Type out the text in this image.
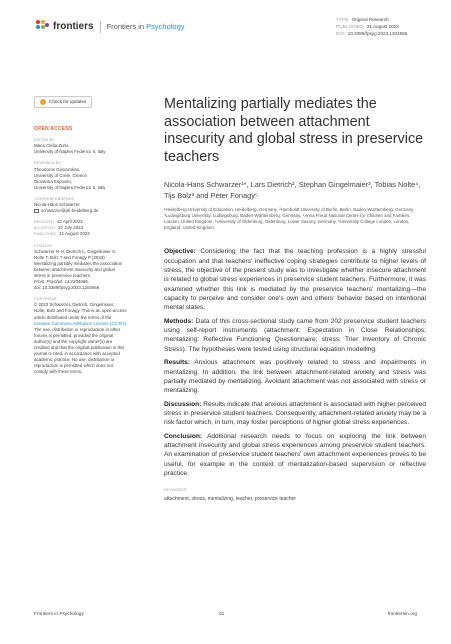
frontiers Frontiers in Psychology
TYPE Original Research
PUBLISHED 21 August 2023
DOI 10.3389/fpsyg.2023.1204666
Check for updates
OPEN ACCESS
EDITED BY
Maria Clelia Zurlo,
University of Naples Federico II, Italy
REVIEWED BY
Theodoros Giovazolias,
University of Crete, Greece
Giovanna Esposito,
University of Naples Federico II, Italy
*CORRESPONDENCE
Nicola-Hans Schwarzer
schwarzer@ph-heidelberg.de
RECEIVED 12 April 2023
ACCEPTED 27 July 2023
PUBLISHED 21 August 2023
CITATION
Schwarzer N-H, Dietrich L, Gingelmaier S,
Nolte T, Bolz T and Fonagy P (2023)
Mentalizing partially mediates the association
between attachment insecurity and global
stress in preservice teachers.
Front. Psychol. 14:1204666.
doi: 10.3389/fpsyg.2023.1204666
COPYRIGHT
© 2023 Schwarzer, Dietrich, Gingelmaier,
Nolte, Bolz and Fonagy. This is an open-access
article distributed under the terms of the
Creative Commons Attribution License (CC BY).
The use, distribution or reproduction in other
forums is permitted, provided the original
author(s) and the copyright owner(s) are
credited and that the original publication in this
journal is cited, in accordance with accepted
academic practice. No use, distribution or
reproduction is permitted which does not
comply with these terms.
Mentalizing partially mediates the association between attachment insecurity and global stress in preservice teachers
Nicola-Hans Schwarzer¹*, Lars Dietrich², Stephan Gingelmaier³, Tobias Nolte⁴, Tijs Bolz³ and Peter Fonagy⁵
¹Heidelberg University of Education, Heidelberg, Germany, ²Humboldt University of Berlin, Berlin, Baden-Wurttemberg, Germany, ³Ludwigsburg University, Ludwigsburg, Baden-Württemberg, Germany, ⁴Anna Freud National Centre for Children and Families, London, United Kingdom, ⁵University of Oldenburg, Oldenburg, Lower Saxony, Germany, ⁵University College London, London, England, United Kingdom

Objective: Considering the fact that the teaching profession is a highly stressful occupation and that teachers' ineffective coping strategies contribute to higher levels of stress, the objective of the present study was to investigate whether insecure attachment is related to global stress experiences in preservice student teachers. Furthermore, it was examined whether this link is mediated by the preservice teachers' mentalizing—the capacity to perceive and consider one's own and others' behavior based on intentional mental states.

Methods: Data of this cross-sectional study came from 202 preservice student teachers using self-report instruments (attachment: Expectation in Close Relationships; mentalizing: Reflective Functioning Questionnaire; stress: Trier Inventory of Chronic Stress). The hypotheses were tested using structural equation modelling.

Results: Anxious attachment was positively related to stress and impairments in mentalizing. In addition, the link between attachment-related anxiety and stress was partially mediated by mentalizing. Avoidant attachment was not associated with stress or mentalizing.

Discussion: Results indicate that anxious attachment is associated with higher perceived stress in preservice student teachers. Consequently, attachment-related anxiety may be a risk factor which, in turn, may foster perceptions of higher global stress experiences.

Conclusion: Additional research needs to focus on exploring the link between attachment insecurity and global stress experiences among preservice student teachers. An examination of preservice student teachers' own attachment experiences proves to be useful, for example in the context of mentalization-based supervision or reflective practice.

KEYWORDS
attachment, stress, mentalizing, teacher, preservice teacher
Frontiers in Psychology	01	frontiersin.org
